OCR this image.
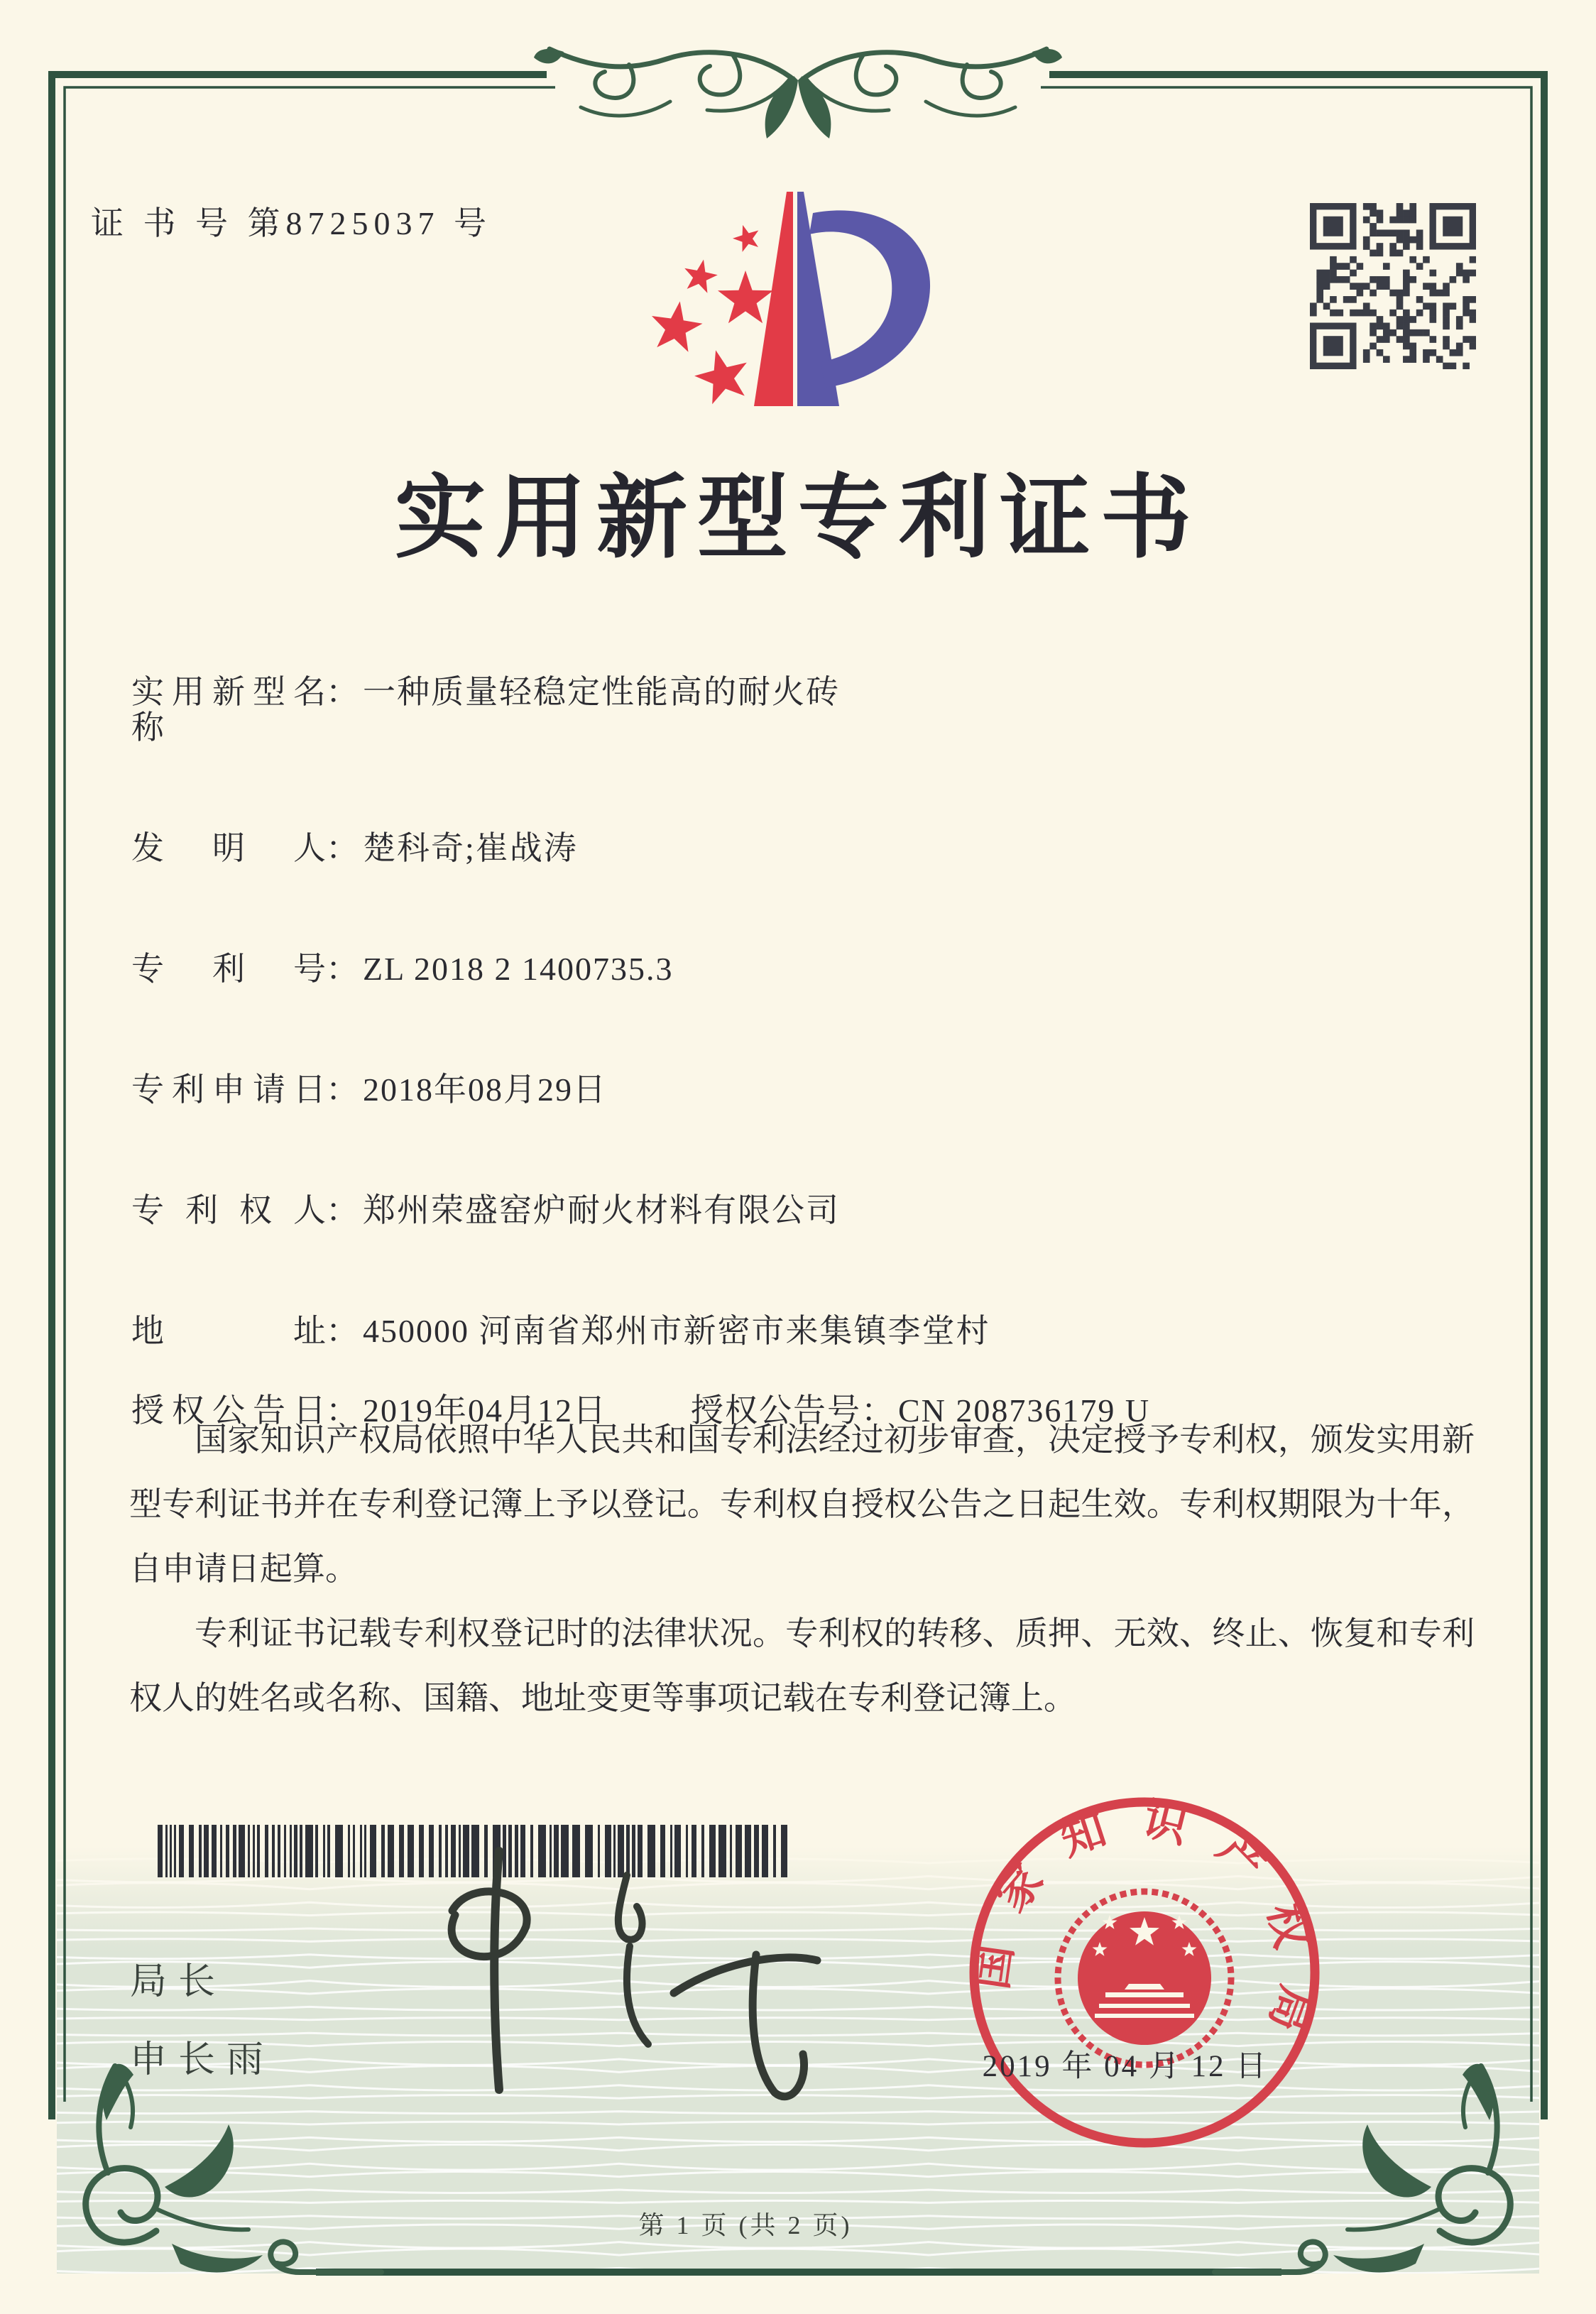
证 书 号 第8725037 号
实用新型专利证书
实用新型名称
： 一种质量轻稳定性能高的耐火砖
发明人 ： 楚科奇;崔战涛
专利号 ： ZL 2018 2 1400735.3
专利申请日 ： 2018年08月29日
专利权人 ： 郑州荣盛窑炉耐火材料有限公司
地址 ： 450000 河南省郑州市新密市来集镇李堂村
授权公告日 ： 2019年04月12日	授权公告号 ： CN 208736179 U

国家知识产权局依照中华人民共和国专利法经过初步审查，决定授予专利权，颁发实用新型专利证书并在专利登记簿上予以登记。专利权自授权公告之日起生效。专利权期限为十年，自申请日起算。

专利证书记载专利权登记时的法律状况。专利权的转移、质押、无效、终止、恢复和专利权人的姓名或名称、国籍、地址变更等事项记载在专利登记簿上。

局长
申长雨
国家知识产权局
2019 年 04 月 12 日
第 1 页 (共 2 页)
